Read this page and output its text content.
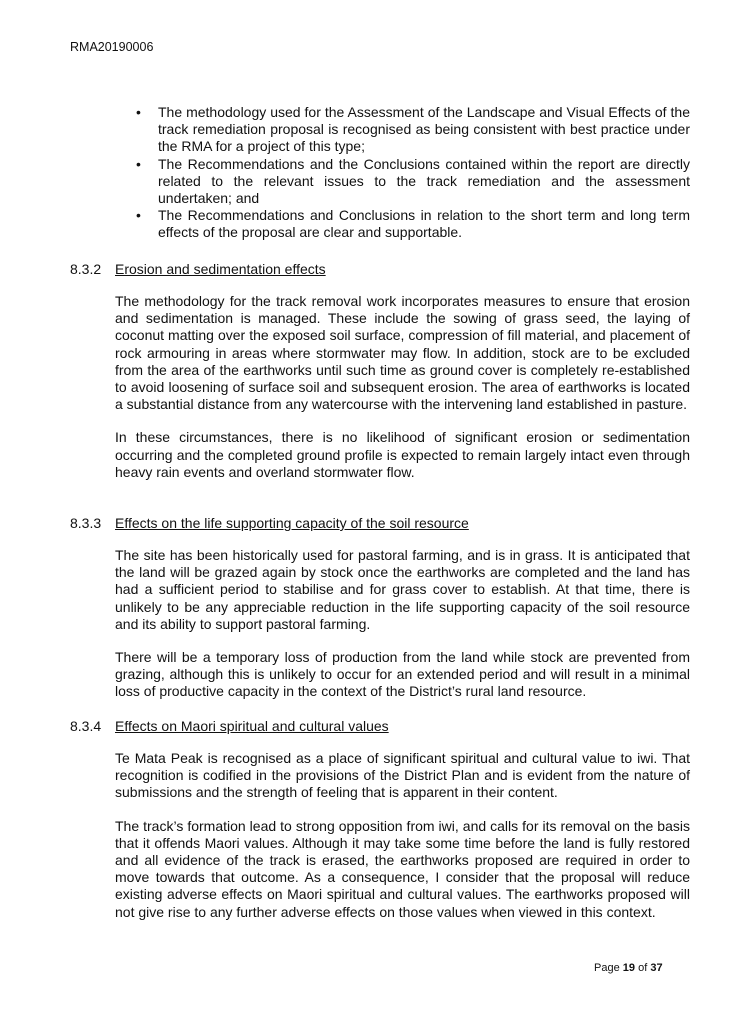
RMA20190006
• The methodology used for the Assessment of the Landscape and Visual Effects of the track remediation proposal is recognised as being consistent with best practice under the RMA for a project of this type;
• The Recommendations and the Conclusions contained within the report are directly related to the relevant issues to the track remediation and the assessment undertaken; and
• The Recommendations and Conclusions in relation to the short term and long term effects of the proposal are clear and supportable.
8.3.2 Erosion and sedimentation effects

The methodology for the track removal work incorporates measures to ensure that erosion and sedimentation is managed. These include the sowing of grass seed, the laying of coconut matting over the exposed soil surface, compression of fill material, and placement of rock armouring in areas where stormwater may flow. In addition, stock are to be excluded from the area of the earthworks until such time as ground cover is completely re-established to avoid loosening of surface soil and subsequent erosion. The area of earthworks is located a substantial distance from any watercourse with the intervening land established in pasture.

In these circumstances, there is no likelihood of significant erosion or sedimentation occurring and the completed ground profile is expected to remain largely intact even through heavy rain events and overland stormwater flow.

8.3.3 Effects on the life supporting capacity of the soil resource

The site has been historically used for pastoral farming, and is in grass. It is anticipated that the land will be grazed again by stock once the earthworks are completed and the land has had a sufficient period to stabilise and for grass cover to establish. At that time, there is unlikely to be any appreciable reduction in the life supporting capacity of the soil resource and its ability to support pastoral farming.

There will be a temporary loss of production from the land while stock are prevented from grazing, although this is unlikely to occur for an extended period and will result in a minimal loss of productive capacity in the context of the District’s rural land resource.

8.3.4 Effects on Maori spiritual and cultural values

Te Mata Peak is recognised as a place of significant spiritual and cultural value to iwi. That recognition is codified in the provisions of the District Plan and is evident from the nature of submissions and the strength of feeling that is apparent in their content.

The track’s formation lead to strong opposition from iwi, and calls for its removal on the basis that it offends Maori values. Although it may take some time before the land is fully restored and all evidence of the track is erased, the earthworks proposed are required in order to move towards that outcome. As a consequence, I consider that the proposal will reduce existing adverse effects on Maori spiritual and cultural values. The earthworks proposed will not give rise to any further adverse effects on those values when viewed in this context.

Page 19 of 37
